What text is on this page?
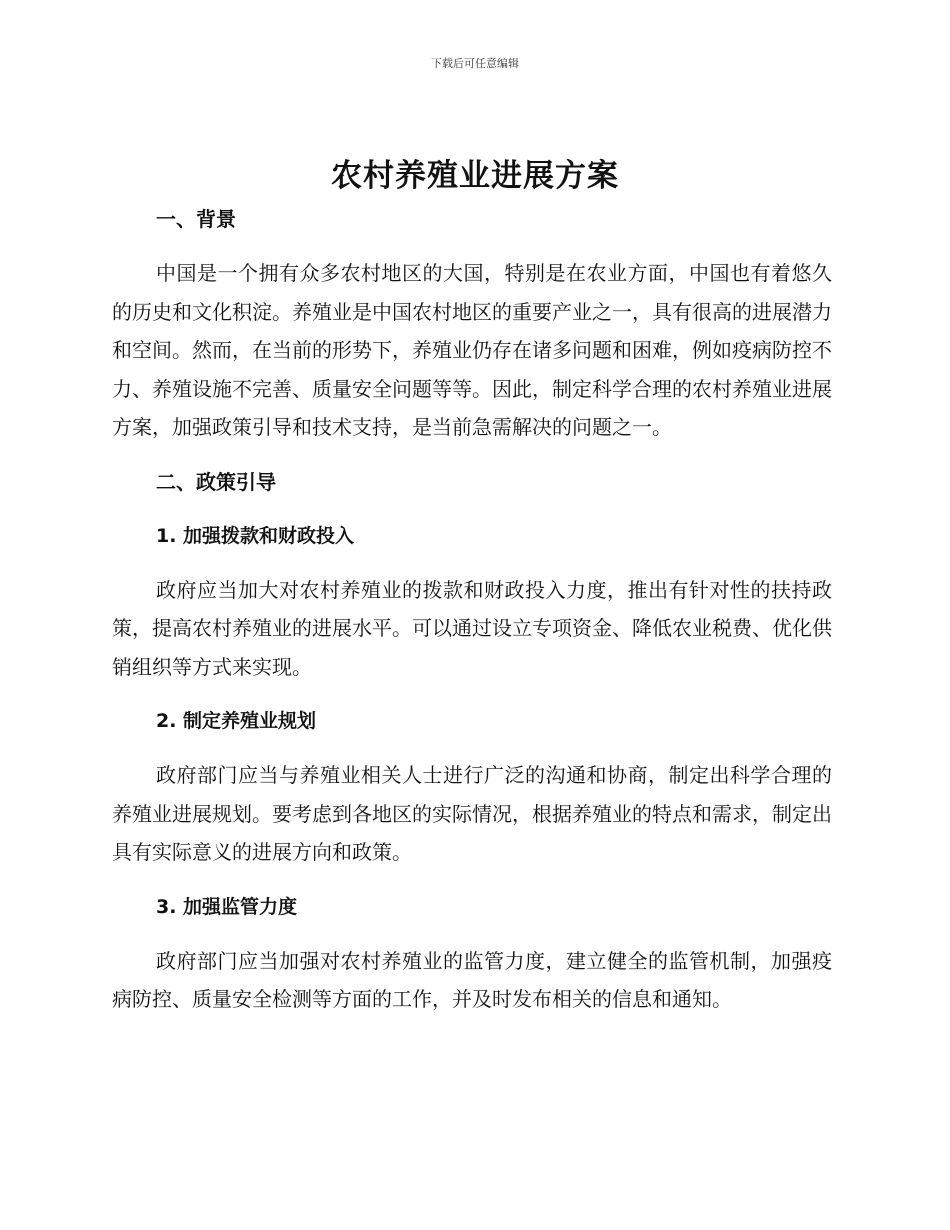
下载后可任意编辑
农村养殖业进展方案

一、背景

中国是一个拥有众多农村地区的大国，特别是在农业方面，中国也有着悠久的历史和文化积淀。养殖业是中国农村地区的重要产业之一，具有很高的进展潜力和空间。然而，在当前的形势下，养殖业仍存在诸多问题和困难，例如疫病防控不力、养殖设施不完善、质量安全问题等等。因此，制定科学合理的农村养殖业进展方案，加强政策引导和技术支持，是当前急需解决的问题之一。

二、政策引导

1. 加强拨款和财政投入

政府应当加大对农村养殖业的拨款和财政投入力度，推出有针对性的扶持政策，提高农村养殖业的进展水平。可以通过设立专项资金、降低农业税费、优化供销组织等方式来实现。

2. 制定养殖业规划

政府部门应当与养殖业相关人士进行广泛的沟通和协商，制定出科学合理的养殖业进展规划。要考虑到各地区的实际情况，根据养殖业的特点和需求，制定出具有实际意义的进展方向和政策。

3. 加强监管力度

政府部门应当加强对农村养殖业的监管力度，建立健全的监管机制，加强疫病防控、质量安全检测等方面的工作，并及时发布相关的信息和通知。
